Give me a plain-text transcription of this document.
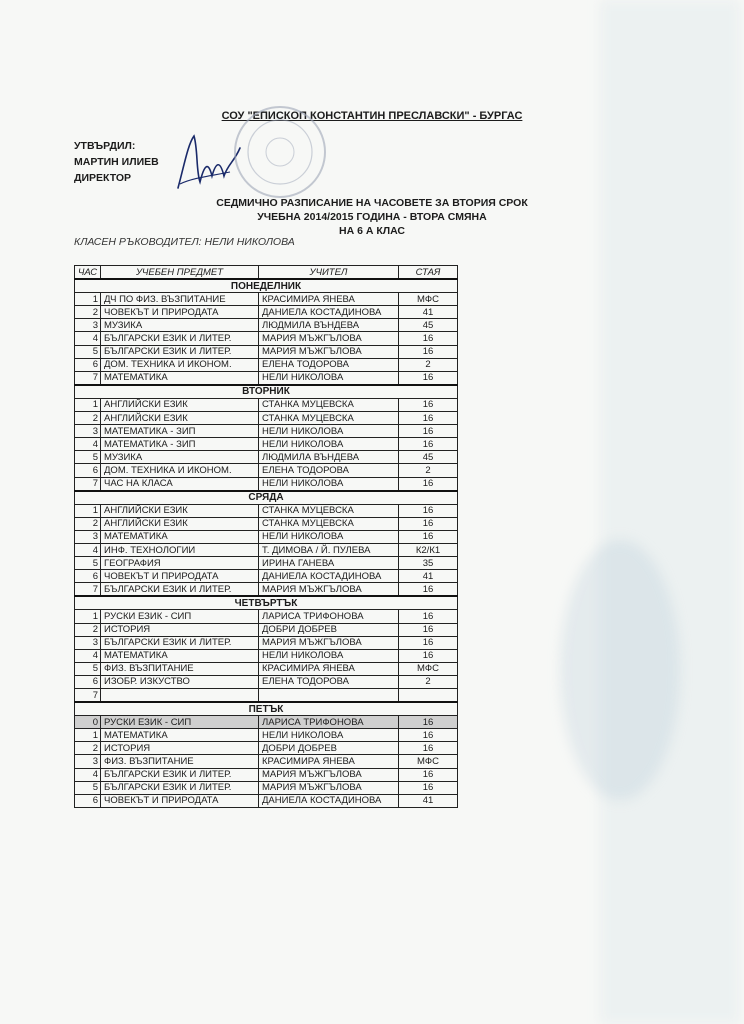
СОУ "ЕПИСКОП КОНСТАНТИН ПРЕСЛАВСКИ" - БУРГАС
УТВЪРДИЛ:
МАРТИН ИЛИЕВ
ДИРЕКТОР
СЕДМИЧНО РАЗПИСАНИЕ НА ЧАСОВЕТЕ ЗА ВТОРИЯ СРОК
УЧЕБНА 2014/2015 ГОДИНА - ВТОРА СМЯНА
НА 6 А КЛАС
КЛАСЕН РЪКОВОДИТЕЛ: НЕЛИ НИКОЛОВА
ЧАС	УЧЕБЕН ПРЕДМЕТ	УЧИТЕЛ	СТАЯ
ПОНЕДЕЛНИК			
1	ДЧ ПО ФИЗ. ВЪЗПИТАНИЕ	КРАСИМИРА ЯНЕВА	МФС
2	ЧОВЕКЪТ И ПРИРОДАТА	ДАНИЕЛА КОСТАДИНОВА	41
3	МУЗИКА	ЛЮДМИЛА ВЪНДЕВА	45
4	БЪЛГАРСКИ ЕЗИК И ЛИТЕР.	МАРИЯ МЪЖГЪЛОВА	16
5	БЪЛГАРСКИ ЕЗИК И ЛИТЕР.	МАРИЯ МЪЖГЪЛОВА	16
6	ДОМ. ТЕХНИКА И ИКОНОМ.	ЕЛЕНА ТОДОРОВА	2
7	МАТЕМАТИКА	НЕЛИ НИКОЛОВА	16
ВТОРНИК			
1	АНГЛИЙСКИ ЕЗИК	СТАНКА МУЦЕВСКА	16
2	АНГЛИЙСКИ ЕЗИК	СТАНКА МУЦЕВСКА	16
3	МАТЕМАТИКА - ЗИП	НЕЛИ НИКОЛОВА	16
4	МАТЕМАТИКА - ЗИП	НЕЛИ НИКОЛОВА	16
5	МУЗИКА	ЛЮДМИЛА ВЪНДЕВА	45
6	ДОМ. ТЕХНИКА И ИКОНОМ.	ЕЛЕНА ТОДОРОВА	2
7	ЧАС НА КЛАСА	НЕЛИ НИКОЛОВА	16
СРЯДА			
1	АНГЛИЙСКИ ЕЗИК	СТАНКА МУЦЕВСКА	16
2	АНГЛИЙСКИ ЕЗИК	СТАНКА МУЦЕВСКА	16
3	МАТЕМАТИКА	НЕЛИ НИКОЛОВА	16
4	ИНФ. ТЕХНОЛОГИИ	Т. ДИМОВА / Й. ПУЛЕВА	К2/К1
5	ГЕОГРАФИЯ	ИРИНА ГАНЕВА	35
6	ЧОВЕКЪТ И ПРИРОДАТА	ДАНИЕЛА КОСТАДИНОВА	41
7	БЪЛГАРСКИ ЕЗИК И ЛИТЕР.	МАРИЯ МЪЖГЪЛОВА	16
ЧЕТВЪРТЪК			
1	РУСКИ ЕЗИК - СИП	ЛАРИСА ТРИФОНОВА	16
2	ИСТОРИЯ	ДОБРИ ДОБРЕВ	16
3	БЪЛГАРСКИ ЕЗИК И ЛИТЕР.	МАРИЯ МЪЖГЪЛОВА	16
4	МАТЕМАТИКА	НЕЛИ НИКОЛОВА	16
5	ФИЗ. ВЪЗПИТАНИЕ	КРАСИМИРА ЯНЕВА	МФС
6	ИЗОБР. ИЗКУСТВО	ЕЛЕНА ТОДОРОВА	2
7			
ПЕТЪК			
0	РУСКИ ЕЗИК - СИП	ЛАРИСА ТРИФОНОВА	16
1	МАТЕМАТИКА	НЕЛИ НИКОЛОВА	16
2	ИСТОРИЯ	ДОБРИ ДОБРЕВ	16
3	ФИЗ. ВЪЗПИТАНИЕ	КРАСИМИРА ЯНЕВА	МФС
4	БЪЛГАРСКИ ЕЗИК И ЛИТЕР.	МАРИЯ МЪЖГЪЛОВА	16
5	БЪЛГАРСКИ ЕЗИК И ЛИТЕР.	МАРИЯ МЪЖГЪЛОВА	16
6	ЧОВЕКЪТ И ПРИРОДАТА	ДАНИЕЛА КОСТАДИНОВА	41
